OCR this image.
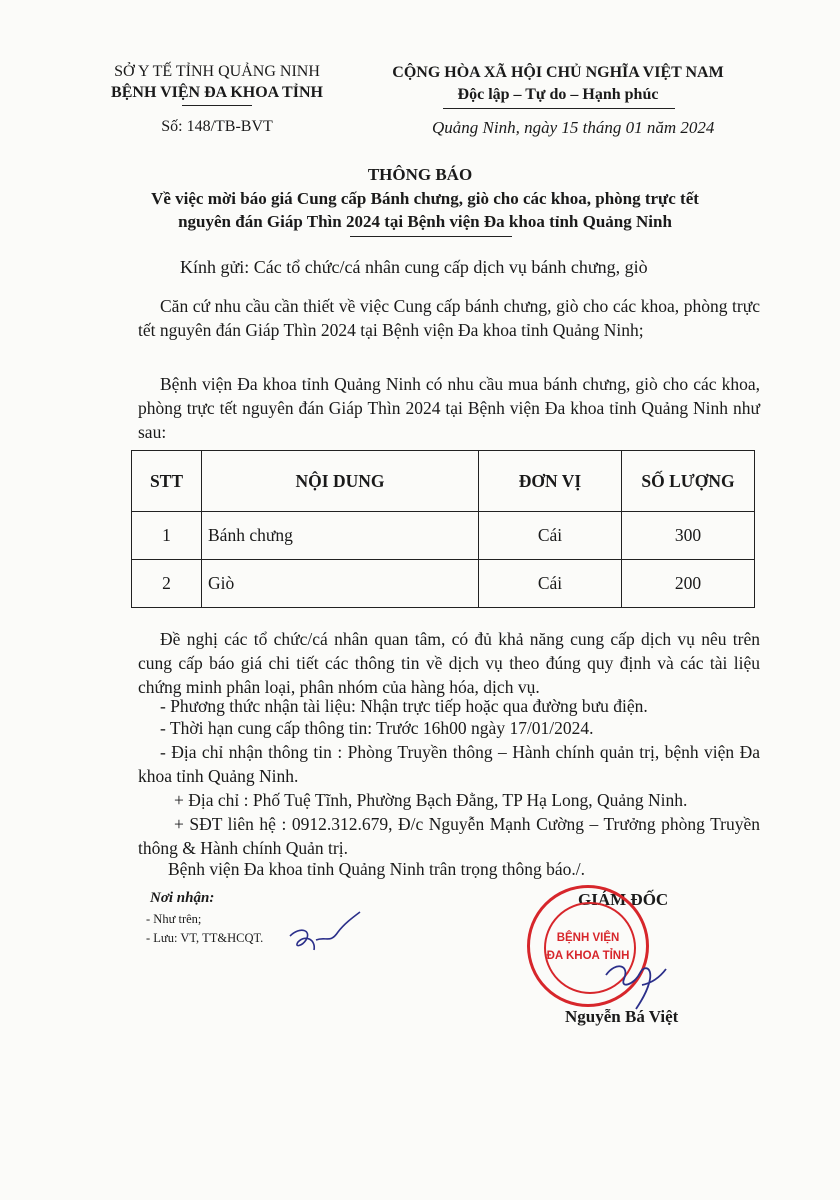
SỞ Y TẾ TỈNH QUẢNG NINH
BỆNH VIỆN ĐA KHOA TỈNH
Số: 148/TB-BVT
CỘNG HÒA XÃ HỘI CHỦ NGHĨA VIỆT NAM
Độc lập – Tự do – Hạnh phúc
Quảng Ninh, ngày 15 tháng 01 năm 2024
THÔNG BÁO
Về việc mời báo giá Cung cấp Bánh chưng, giò cho các khoa, phòng trực tết
nguyên đán Giáp Thìn 2024 tại Bệnh viện Đa khoa tỉnh Quảng Ninh
Kính gửi: Các tổ chức/cá nhân cung cấp dịch vụ bánh chưng, giò
Căn cứ nhu cầu cần thiết về việc Cung cấp bánh chưng, giò cho các khoa, phòng trực tết nguyên đán Giáp Thìn 2024 tại Bệnh viện Đa khoa tỉnh Quảng Ninh;
Bệnh viện Đa khoa tỉnh Quảng Ninh có nhu cầu mua bánh chưng, giò cho các khoa, phòng trực tết nguyên đán Giáp Thìn 2024 tại Bệnh viện Đa khoa tỉnh Quảng Ninh như sau:
STT	NỘI DUNG	ĐƠN VỊ	SỐ LƯỢNG
1	Bánh chưng	Cái	300
2	Giò	Cái	200
Đề nghị các tổ chức/cá nhân quan tâm, có đủ khả năng cung cấp dịch vụ nêu trên cung cấp báo giá chi tiết các thông tin về dịch vụ theo đúng quy định và các tài liệu chứng minh phân loại, phân nhóm của hàng hóa, dịch vụ.
- Phương thức nhận tài liệu: Nhận trực tiếp hoặc qua đường bưu điện.
- Thời hạn cung cấp thông tin: Trước 16h00 ngày 17/01/2024.
- Địa chỉ nhận thông tin : Phòng Truyền thông – Hành chính quản trị, bệnh viện Đa khoa tỉnh Quảng Ninh.
+ Địa chỉ : Phố Tuệ Tĩnh, Phường Bạch Đằng, TP Hạ Long, Quảng Ninh.
+ SĐT liên hệ : 0912.312.679, Đ/c Nguyễn Mạnh Cường – Trưởng phòng Truyền thông & Hành chính Quản trị.
Bệnh viện Đa khoa tỉnh Quảng Ninh trân trọng thông báo./.
Nơi nhận:
- Như trên;
- Lưu: VT, TT&HCQT.
GIÁM ĐỐC
BỆNH VIỆN
ĐA KHOA TỈNH
Nguyễn Bá Việt
